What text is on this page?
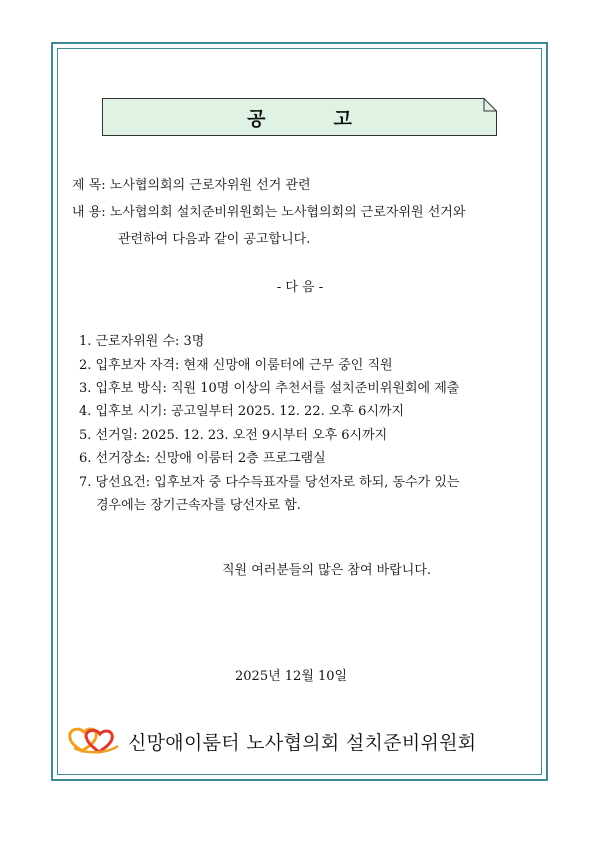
공	고
제 목: 노사협의회의 근로자위원 선거 관련
내 용: 노사협의회 설치준비위원회는 노사협의회의 근로자위원 선거와
관련하여 다음과 같이 공고합니다.
- 다 음 -
1. 근로자위원 수: 3명
2. 입후보자 자격: 현재 신망애 이룸터에 근무 중인 직원
3. 입후보 방식: 직원 10명 이상의 추천서를 설치준비위원회에 제출
4. 입후보 시기: 공고일부터 2025. 12. 22. 오후 6시까지
5. 선거일: 2025. 12. 23. 오전 9시부터 오후 6시까지
6. 선거장소: 신망애 이룸터 2층 프로그램실
7. 당선요건: 입후보자 중 다수득표자를 당선자로 하되, 동수가 있는
경우에는 장기근속자를 당선자로 함.
직원 여러분들의 많은 참여 바랍니다.
2025년 12월 10일
신망애이룸터 노사협의회 설치준비위원회
